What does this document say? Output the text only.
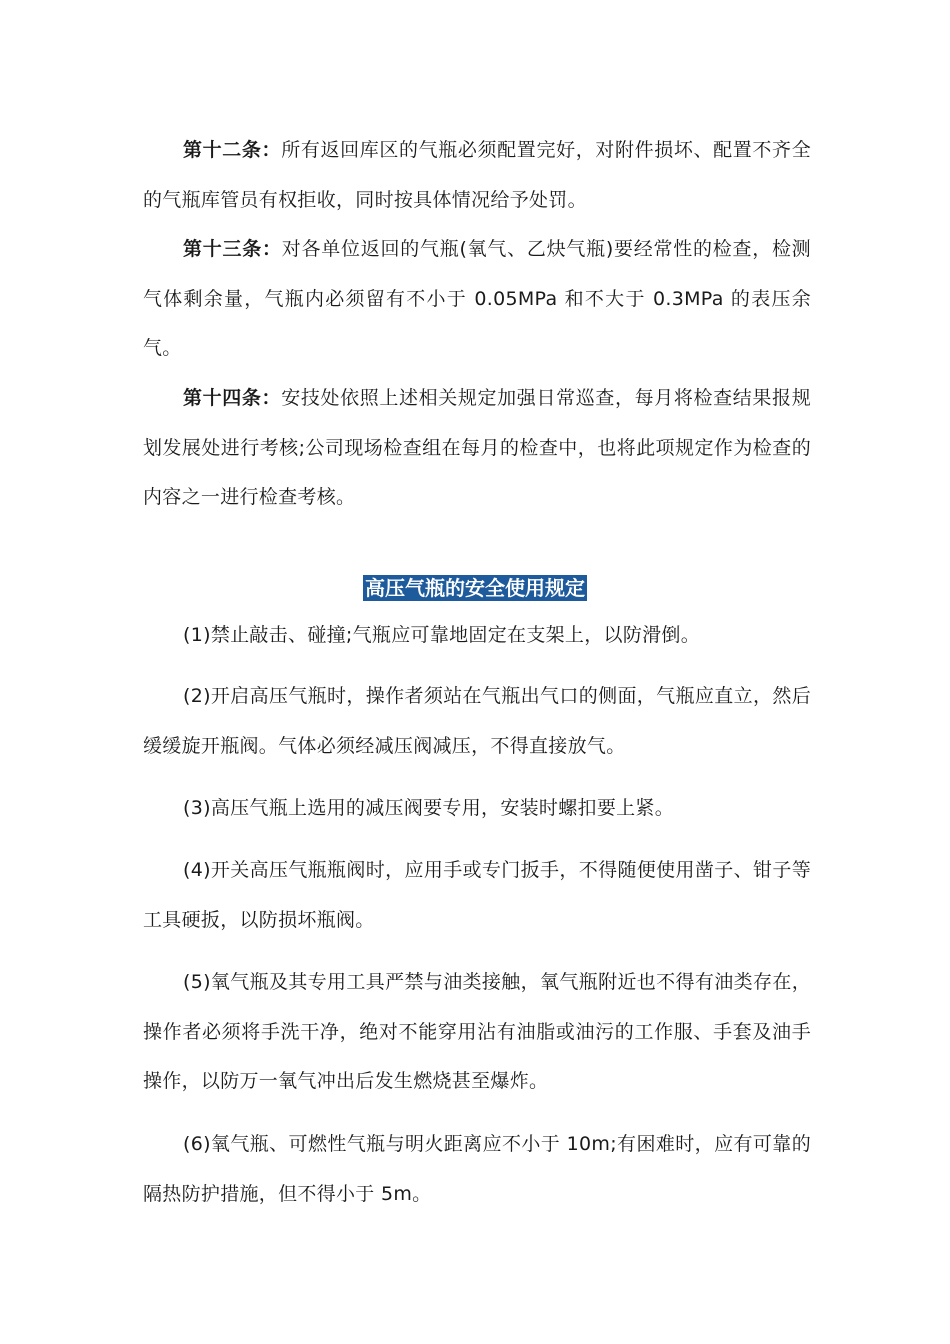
第十二条：所有返回库区的气瓶必须配置完好，对附件损坏、配置不齐全的气瓶库管员有权拒收，同时按具体情况给予处罚。

第十三条：对各单位返回的气瓶(氧气、乙炔气瓶)要经常性的检查，检测气体剩余量，气瓶内必须留有不小于 0.05MPa 和不大于 0.3MPa 的表压余气。

第十四条：安技处依照上述相关规定加强日常巡查，每月将检查结果报规划发展处进行考核;公司现场检查组在每月的检查中，也将此项规定作为检查的内容之一进行检查考核。

高压气瓶的安全使用规定

(1)禁止敲击、碰撞;气瓶应可靠地固定在支架上，以防滑倒。

(2)开启高压气瓶时，操作者须站在气瓶出气口的侧面，气瓶应直立，然后缓缓旋开瓶阀。气体必须经减压阀减压，不得直接放气。

(3)高压气瓶上选用的减压阀要专用，安装时螺扣要上紧。

(4)开关高压气瓶瓶阀时，应用手或专门扳手，不得随便使用凿子、钳子等工具硬扳，以防损坏瓶阀。

(5)氧气瓶及其专用工具严禁与油类接触，氧气瓶附近也不得有油类存在，操作者必须将手洗干净，绝对不能穿用沾有油脂或油污的工作服、手套及油手操作，以防万一氧气冲出后发生燃烧甚至爆炸。

(6)氧气瓶、可燃性气瓶与明火距离应不小于 10m;有困难时，应有可靠的隔热防护措施，但不得小于 5m。
